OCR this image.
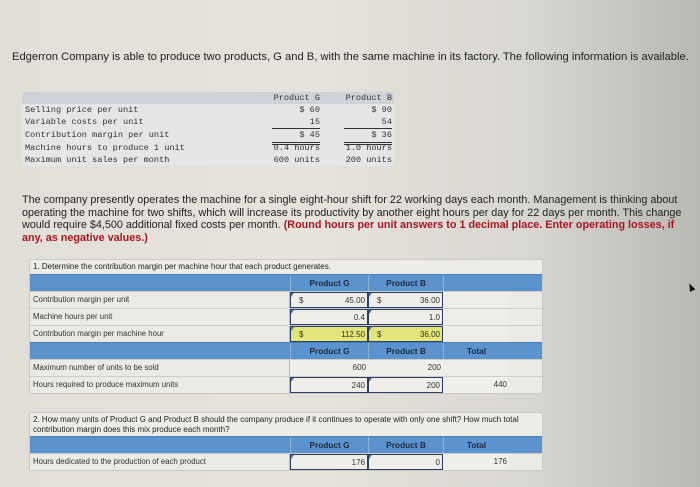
Edgerron Company is able to produce two products, G and B, with the same machine in its factory. The following information is available.
Product G	Product B
Selling price per unit	$ 60	$ 90
Variable costs per unit	15	54
Contribution margin per unit	$ 45	$ 36
Machine hours to produce 1 unit	0.4 hours	1.0 hours
Maximum unit sales per month	600 units	200 units
The company presently operates the machine for a single eight-hour shift for 22 working days each month. Management is thinking about operating the machine for two shifts, which will increase its productivity by another eight hours per day for 22 days per month. This change would require $4,500 additional fixed costs per month. (Round hours per unit answers to 1 decimal place. Enter operating losses, if any, as negative values.)
1. Determine the contribution margin per machine hour that each product generates.
Product G	Product B
Contribution margin per unit	$	45.00	$	36.00
Machine hours per unit	0.4	1.0
Contribution margin per machine hour	$	112.50	$	36.00
Product G	Product B	Total
Maximum number of units to be sold	600	200
Hours required to produce maximum units	240	200	440
2. How many units of Product G and Product B should the company produce if it continues to operate with only one shift? How much total contribution margin does this mix produce each month?
Product G	Product B	Total
Hours dedicated to the production of each product	176	0	176
